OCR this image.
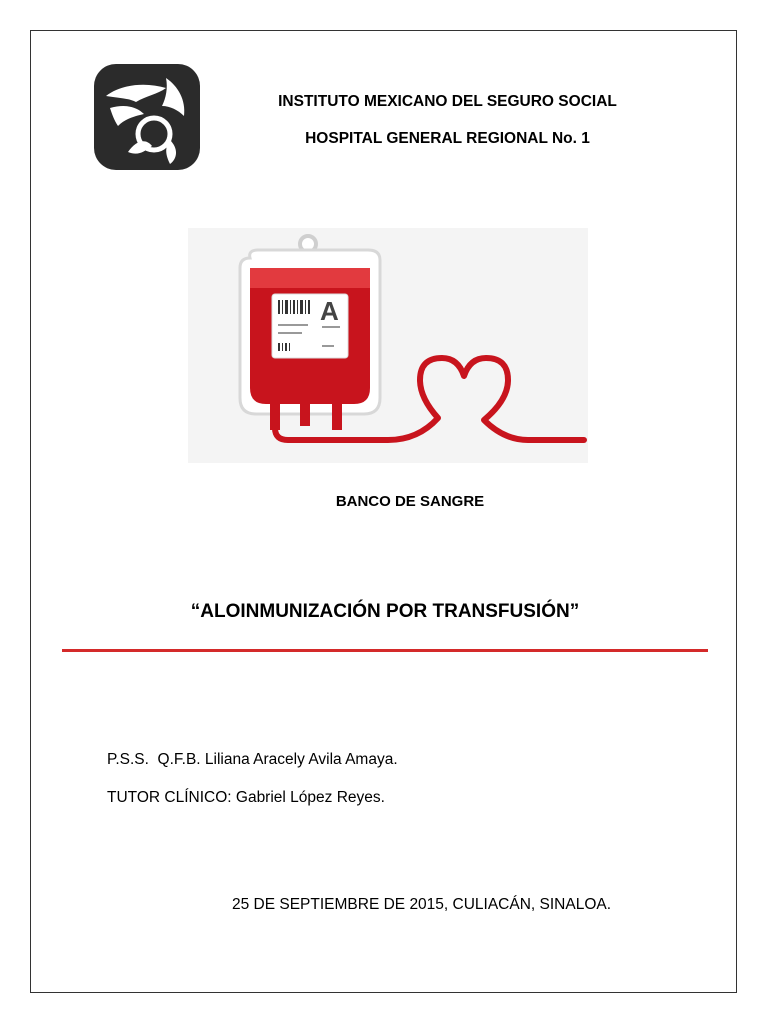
INSTITUTO MEXICANO DEL SEGURO SOCIAL
HOSPITAL GENERAL REGIONAL No. 1
A
BANCO DE SANGRE
“ALOINMUNIZACIÓN POR TRANSFUSIÓN”
P.S.S.  Q.F.B. Liliana Aracely Avila Amaya.
TUTOR CLÍNICO: Gabriel López Reyes.
25 DE SEPTIEMBRE DE 2015, CULIACÁN, SINALOA.
